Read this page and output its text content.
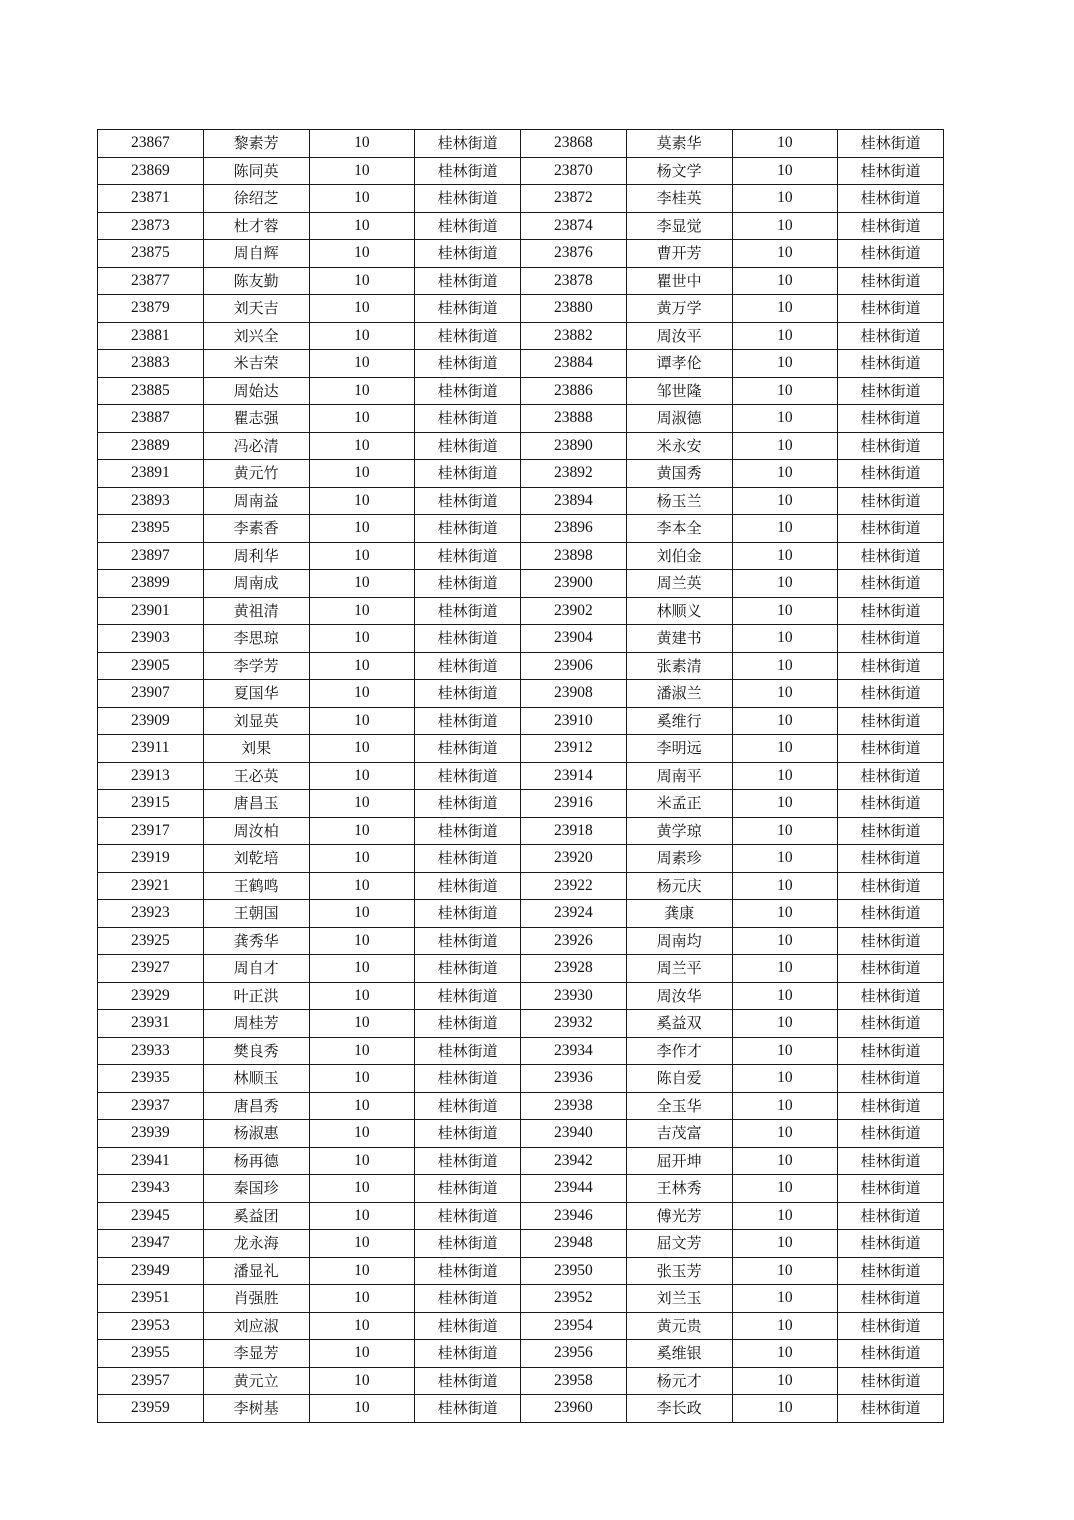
23867	黎素芳	10	桂林街道	23868	莫素华	10	桂林街道
23869	陈同英	10	桂林街道	23870	杨文学	10	桂林街道
23871	徐绍芝	10	桂林街道	23872	李桂英	10	桂林街道
23873	杜才蓉	10	桂林街道	23874	李显觉	10	桂林街道
23875	周自辉	10	桂林街道	23876	曹开芳	10	桂林街道
23877	陈友勤	10	桂林街道	23878	瞿世中	10	桂林街道
23879	刘天吉	10	桂林街道	23880	黄万学	10	桂林街道
23881	刘兴全	10	桂林街道	23882	周汝平	10	桂林街道
23883	米吉荣	10	桂林街道	23884	谭孝伦	10	桂林街道
23885	周始达	10	桂林街道	23886	邹世隆	10	桂林街道
23887	瞿志强	10	桂林街道	23888	周淑德	10	桂林街道
23889	冯必清	10	桂林街道	23890	米永安	10	桂林街道
23891	黄元竹	10	桂林街道	23892	黄国秀	10	桂林街道
23893	周南益	10	桂林街道	23894	杨玉兰	10	桂林街道
23895	李素香	10	桂林街道	23896	李本全	10	桂林街道
23897	周利华	10	桂林街道	23898	刘伯金	10	桂林街道
23899	周南成	10	桂林街道	23900	周兰英	10	桂林街道
23901	黄祖清	10	桂林街道	23902	林顺义	10	桂林街道
23903	李思琼	10	桂林街道	23904	黄建书	10	桂林街道
23905	李学芳	10	桂林街道	23906	张素清	10	桂林街道
23907	夏国华	10	桂林街道	23908	潘淑兰	10	桂林街道
23909	刘显英	10	桂林街道	23910	奚维行	10	桂林街道
23911	刘果	10	桂林街道	23912	李明远	10	桂林街道
23913	王必英	10	桂林街道	23914	周南平	10	桂林街道
23915	唐昌玉	10	桂林街道	23916	米孟正	10	桂林街道
23917	周汝柏	10	桂林街道	23918	黄学琼	10	桂林街道
23919	刘乾培	10	桂林街道	23920	周素珍	10	桂林街道
23921	王鹤鸣	10	桂林街道	23922	杨元庆	10	桂林街道
23923	王朝国	10	桂林街道	23924	龚康	10	桂林街道
23925	龚秀华	10	桂林街道	23926	周南均	10	桂林街道
23927	周自才	10	桂林街道	23928	周兰平	10	桂林街道
23929	叶正洪	10	桂林街道	23930	周汝华	10	桂林街道
23931	周桂芳	10	桂林街道	23932	奚益双	10	桂林街道
23933	樊良秀	10	桂林街道	23934	李作才	10	桂林街道
23935	林顺玉	10	桂林街道	23936	陈自爱	10	桂林街道
23937	唐昌秀	10	桂林街道	23938	全玉华	10	桂林街道
23939	杨淑惠	10	桂林街道	23940	吉茂富	10	桂林街道
23941	杨再德	10	桂林街道	23942	屈开坤	10	桂林街道
23943	秦国珍	10	桂林街道	23944	王林秀	10	桂林街道
23945	奚益团	10	桂林街道	23946	傅光芳	10	桂林街道
23947	龙永海	10	桂林街道	23948	屈文芳	10	桂林街道
23949	潘显礼	10	桂林街道	23950	张玉芳	10	桂林街道
23951	肖强胜	10	桂林街道	23952	刘兰玉	10	桂林街道
23953	刘应淑	10	桂林街道	23954	黄元贵	10	桂林街道
23955	李显芳	10	桂林街道	23956	奚维银	10	桂林街道
23957	黄元立	10	桂林街道	23958	杨元才	10	桂林街道
23959	李树基	10	桂林街道	23960	李长政	10	桂林街道
